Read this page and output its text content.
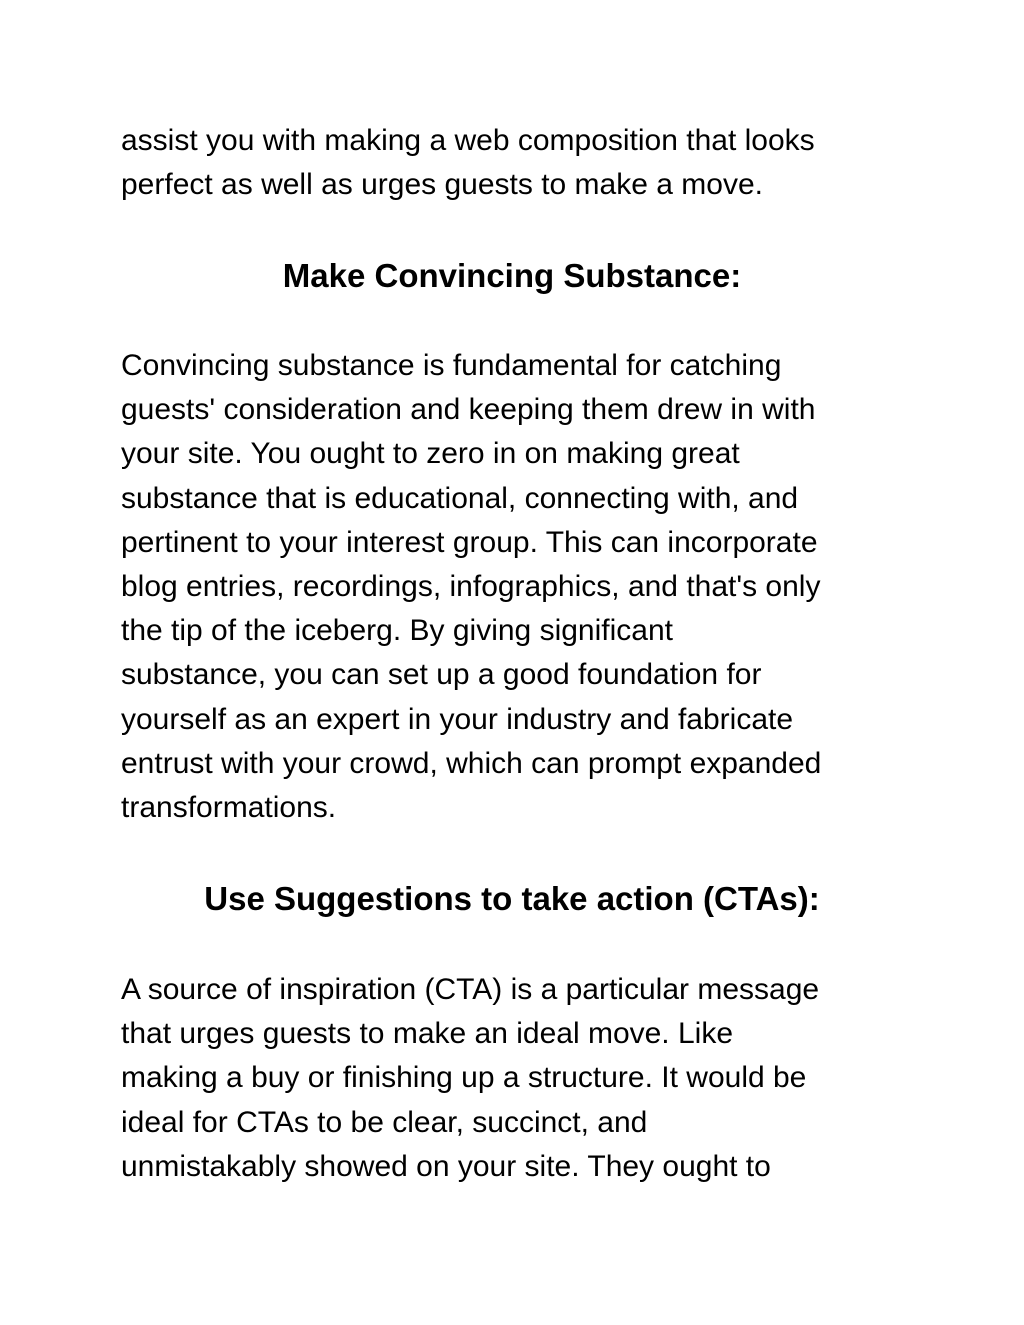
assist you with making a web composition that looks
perfect as well as urges guests to make a move.

Make Convincing Substance:

Convincing substance is fundamental for catching
guests' consideration and keeping them drew in with
your site. You ought to zero in on making great
substance that is educational, connecting with, and
pertinent to your interest group. This can incorporate
blog entries, recordings, infographics, and that's only
the tip of the iceberg. By giving significant
substance, you can set up a good foundation for
yourself as an expert in your industry and fabricate
entrust with your crowd, which can prompt expanded
transformations.

Use Suggestions to take action (CTAs):

A source of inspiration (CTA) is a particular message
that urges guests to make an ideal move. Like
making a buy or finishing up a structure. It would be
ideal for CTAs to be clear, succinct, and
unmistakably showed on your site. They ought to
